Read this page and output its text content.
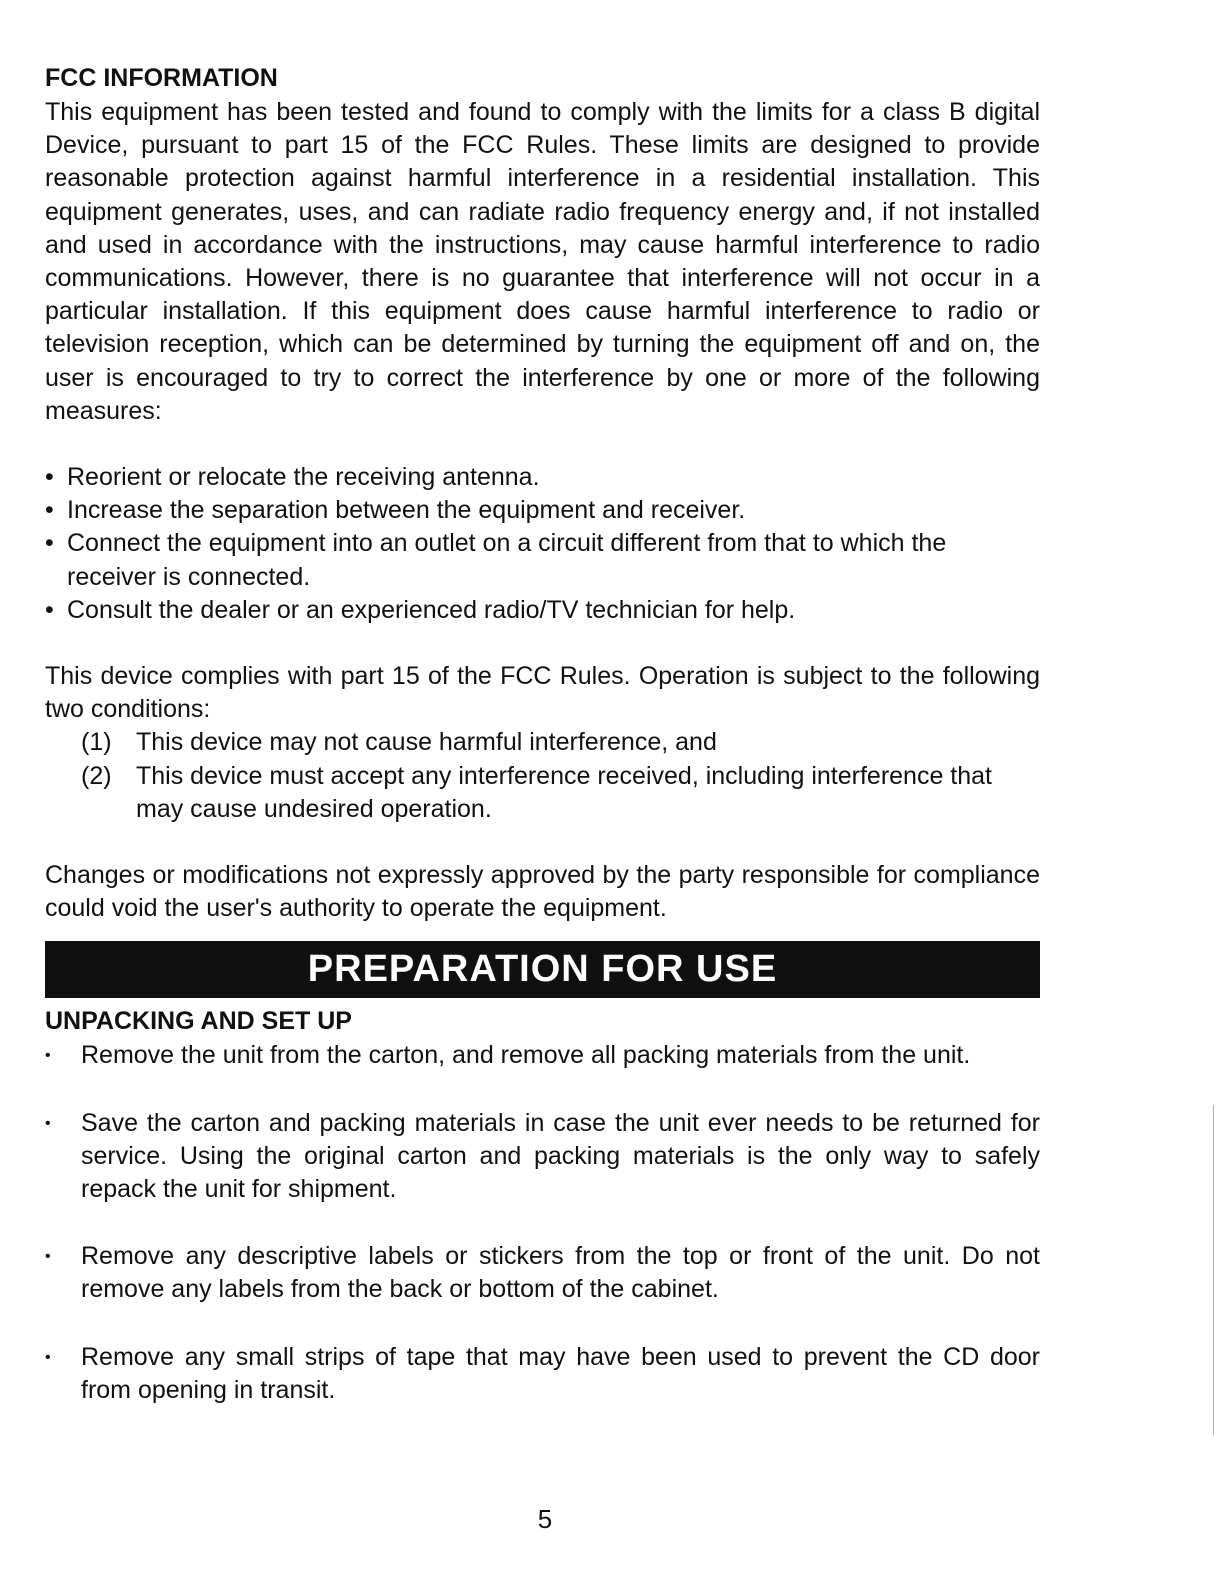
FCC INFORMATION

This equipment has been tested and found to comply with the limits for a class B digital Device, pursuant to part 15 of the FCC Rules. These limits are designed to provide reasonable protection against harmful interference in a residential installation. This equipment generates, uses, and can radiate radio frequency energy and, if not installed and used in accordance with the instructions, may cause harmful interference to radio communications. However, there is no guarantee that interference will not occur in a particular installation. If this equipment does cause harmful interference to radio or television reception, which can be determined by turning the equipment off and on, the user is encouraged to try to correct the interference by one or more of the following measures:

• Reorient or relocate the receiving antenna.
• Increase the separation between the equipment and receiver.
• Connect the equipment into an outlet on a circuit different from that to which the receiver is connected.
• Consult the dealer or an experienced radio/TV technician for help.

This device complies with part 15 of the FCC Rules. Operation is subject to the following two conditions:

(1) This device may not cause harmful interference, and
(2) This device must accept any interference received, including interference that may cause undesired operation.

Changes or modifications not expressly approved by the party responsible for compliance could void the user's authority to operate the equipment.

PREPARATION FOR USE
UNPACKING AND SET UP
• Remove the unit from the carton, and remove all packing materials from the unit.
• Save the carton and packing materials in case the unit ever needs to be returned for service. Using the original carton and packing materials is the only way to safely repack the unit for shipment.
• Remove any descriptive labels or stickers from the top or front of the unit. Do not remove any labels from the back or bottom of the cabinet.
• Remove any small strips of tape that may have been used to prevent the CD door from opening in transit.
5
